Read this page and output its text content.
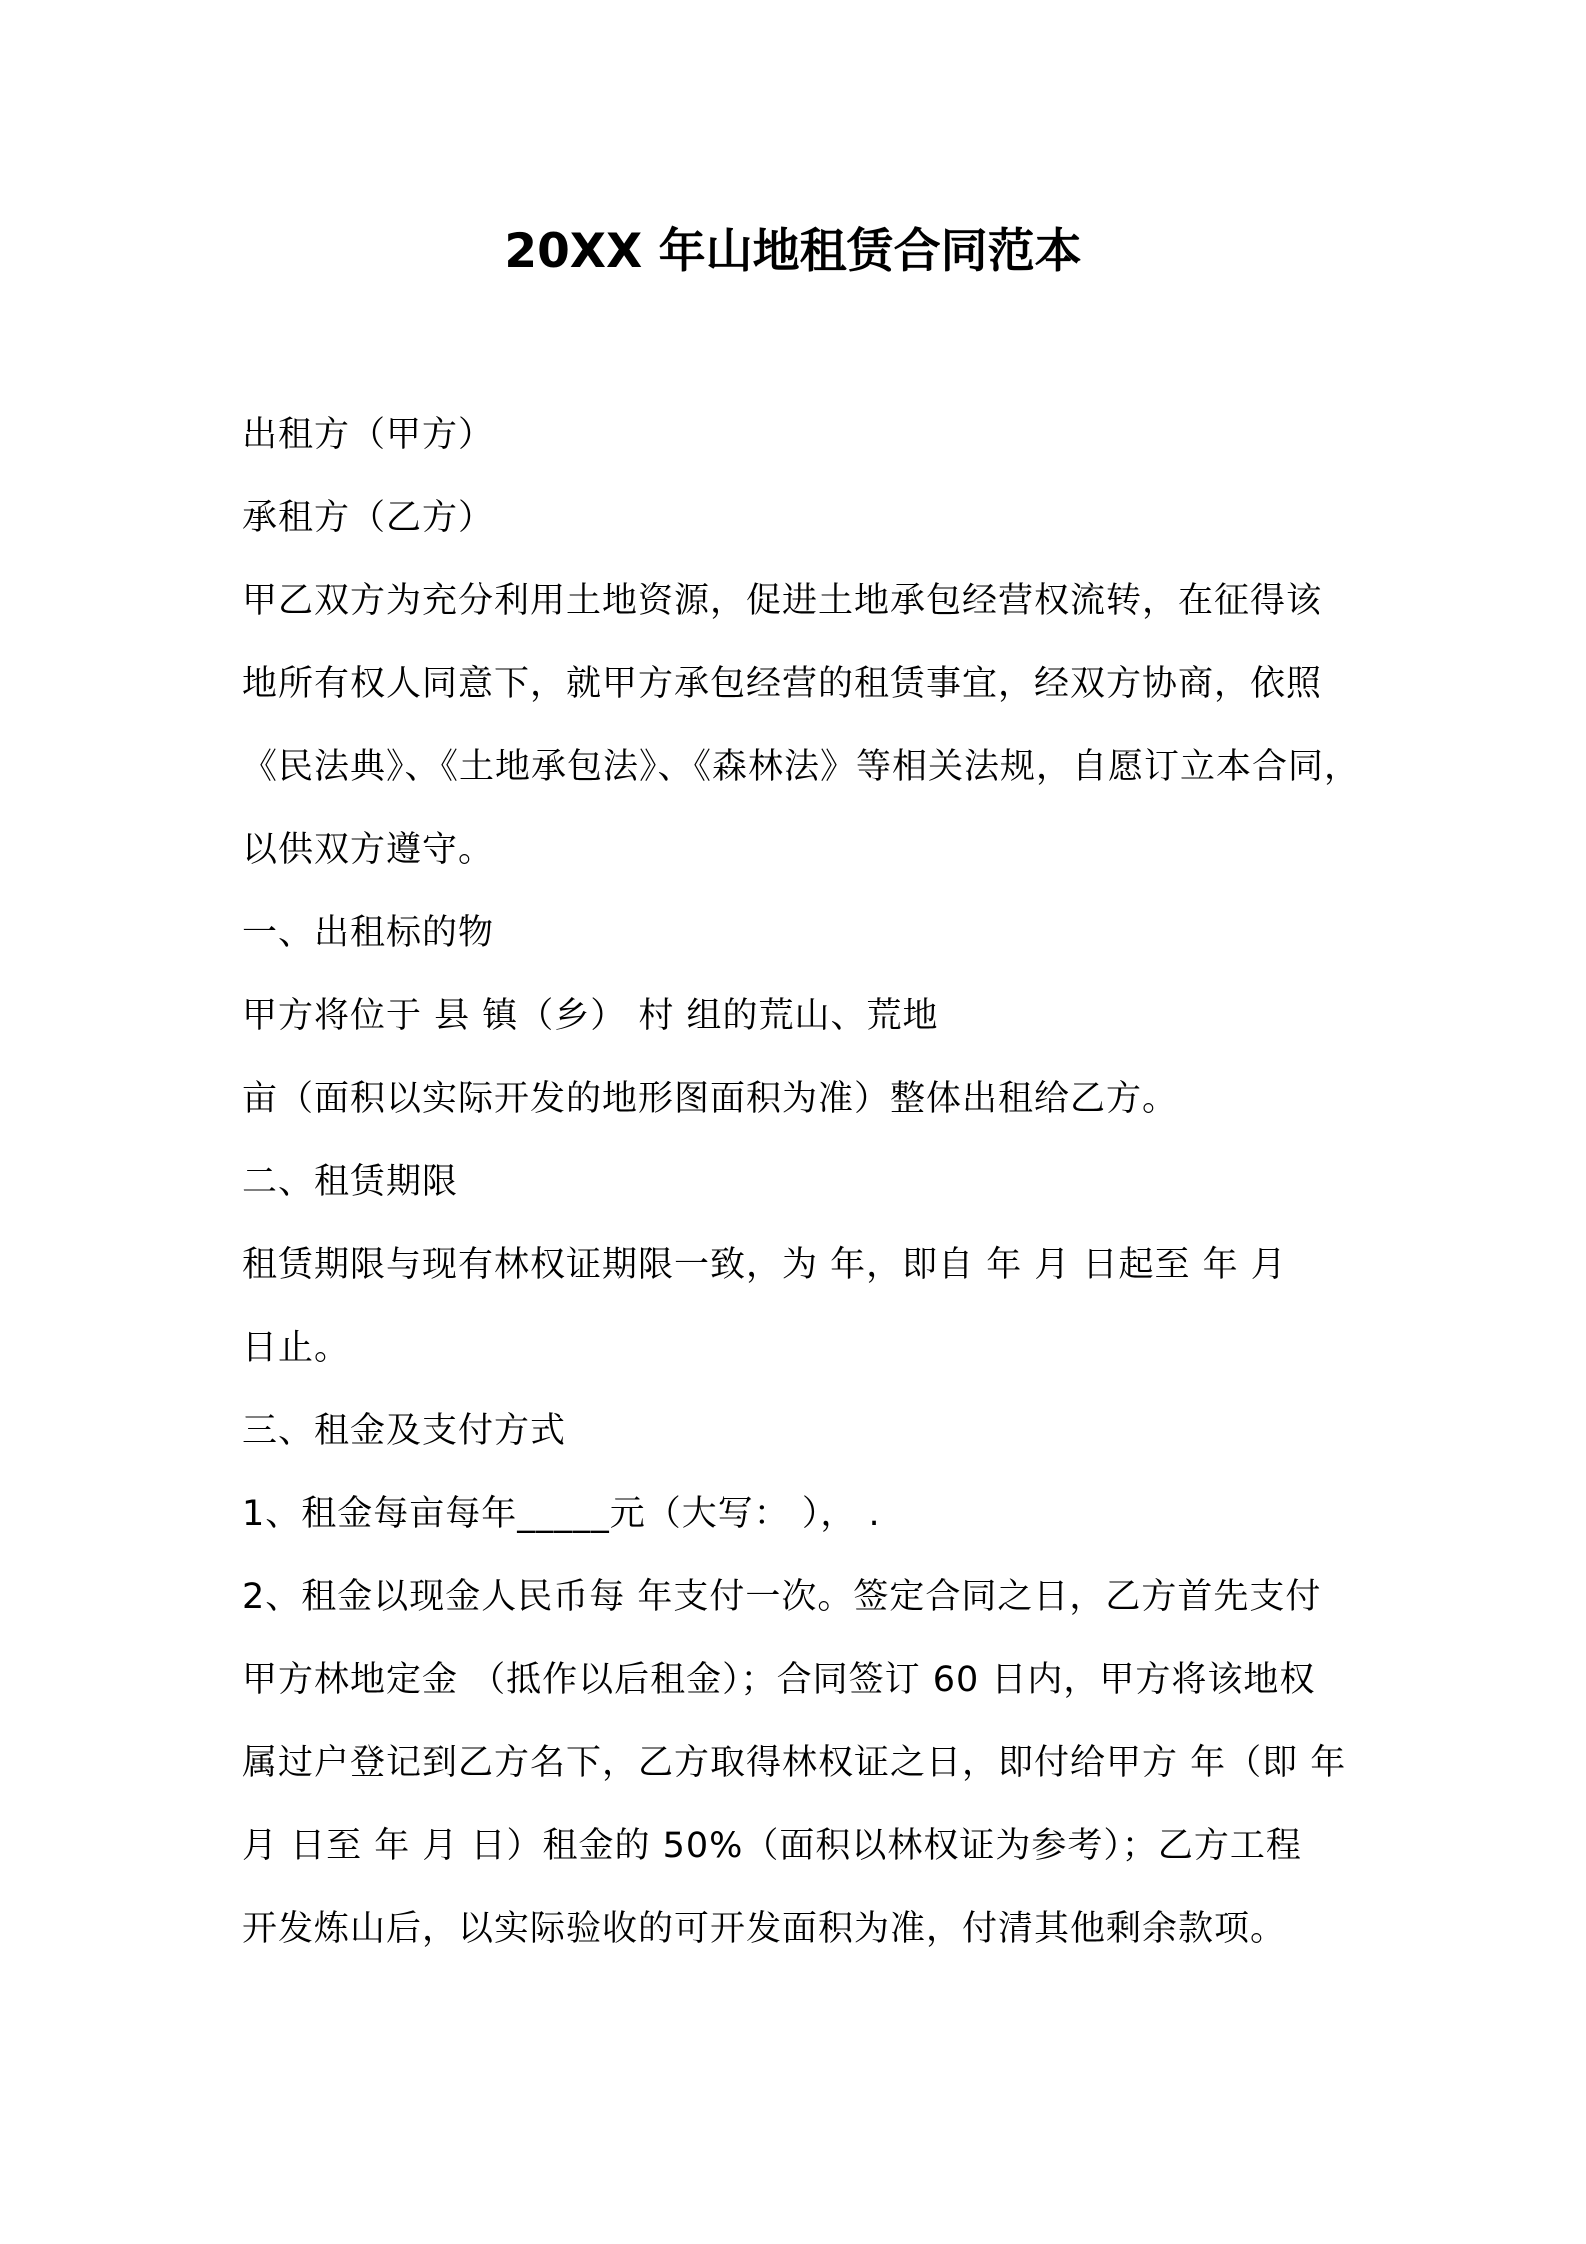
20XX 年山地租赁合同范本
出租方（甲方）
承租方（乙方）
甲乙双方为充分利用土地资源，促进土地承包经营权流转，在征得该
地所有权人同意下，就甲方承包经营的租赁事宜，经双方协商，依照
《民法典》、《土地承包法》、《森林法》等相关法规，自愿订立本合同，
以供双方遵守。
一、出租标的物
甲方将位于 县 镇（乡） 村 组的荒山、荒地
亩（面积以实际开发的地形图面积为准）整体出租给乙方。
二、租赁期限
租赁期限与现有林权证期限一致，为 年，即自 年 月 日起至 年 月
日止。
三、租金及支付方式
1、租金每亩每年_____元（大写： ）， .
2、租金以现金人民币每 年支付一次。签定合同之日，乙方首先支付
甲方林地定金 （抵作以后租金）；合同签订 60 日内，甲方将该地权
属过户登记到乙方名下，乙方取得林权证之日，即付给甲方 年（即 年
月 日至 年 月 日）租金的 50%（面积以林权证为参考）；乙方工程
开发炼山后，以实际验收的可开发面积为准，付清其他剩余款项。
